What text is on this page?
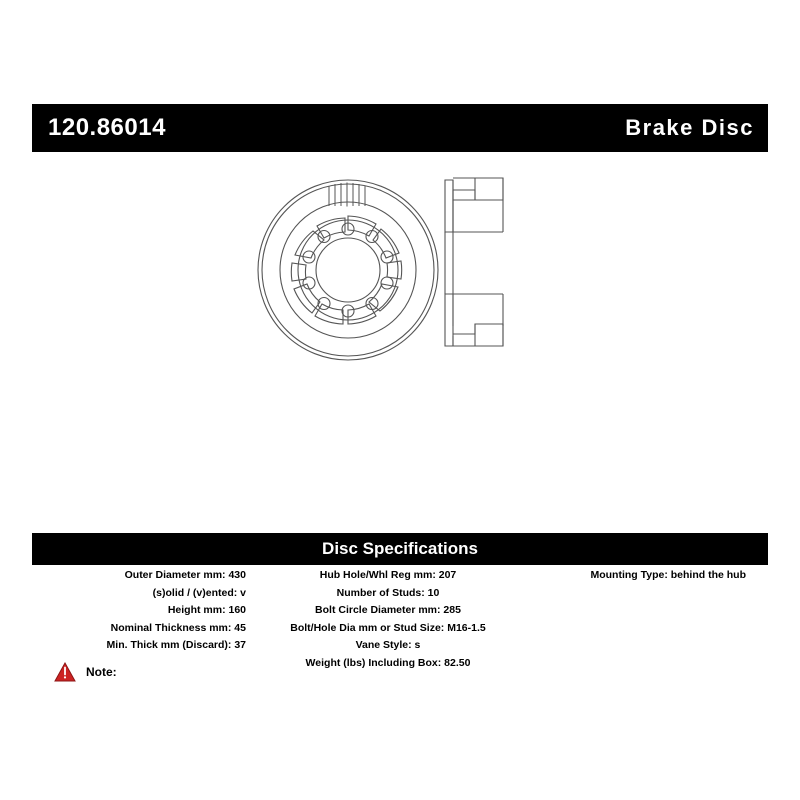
120.86014	Brake Disc
Disc Specifications
Outer Diameter mm: 430
(s)olid / (v)ented: v
Height mm: 160
Nominal Thickness mm: 45
Min. Thick mm (Discard): 37
Hub Hole/Whl Reg mm: 207
Number of Studs: 10
Bolt Circle Diameter mm: 285
Bolt/Hole Dia mm or Stud Size: M16-1.5
Vane Style: s
Weight (lbs) Including Box: 82.50
Mounting Type: behind the hub
Note:
